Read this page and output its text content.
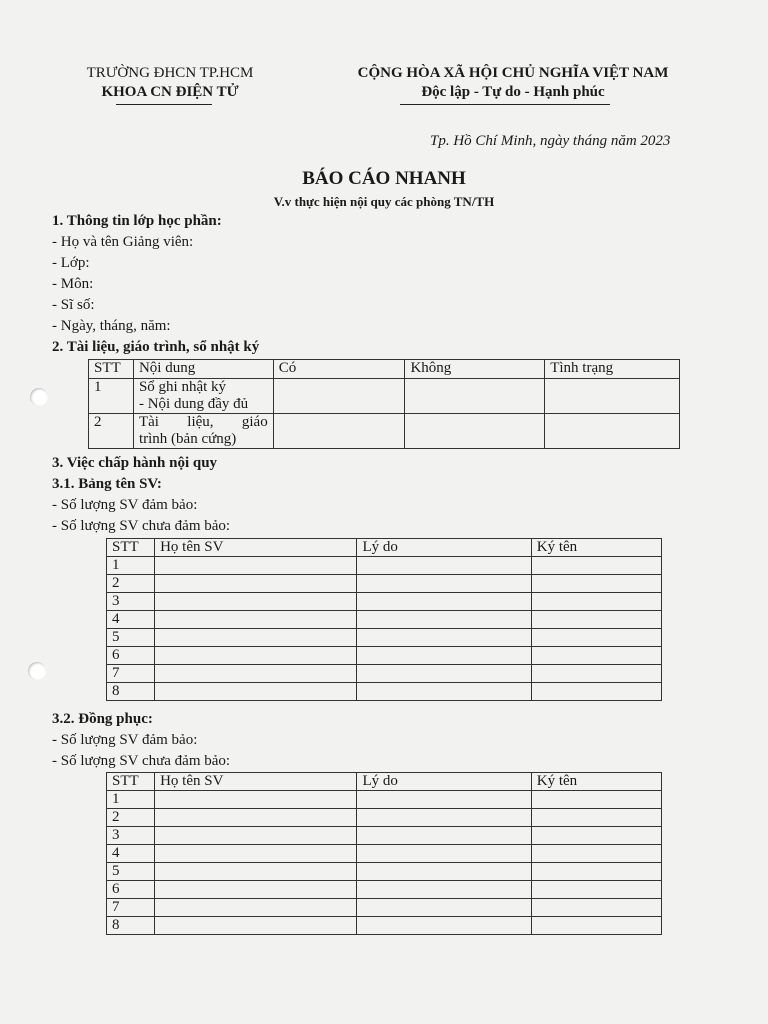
TRƯỜNG ĐHCN TP.HCM
KHOA CN ĐIỆN TỬ
CỘNG HÒA XÃ HỘI CHỦ NGHĨA VIỆT NAM
Độc lập - Tự do - Hạnh phúc
Tp. Hồ Chí Minh, ngày tháng năm 2023
BÁO CÁO NHANH
V.v thực hiện nội quy các phòng TN/TH
1. Thông tin lớp học phần:
- Họ và tên Giảng viên:
- Lớp:
- Môn:
- Sĩ số:
- Ngày, tháng, năm:
2. Tài liệu, giáo trình, sổ nhật ký
STT	Nội dung	Có	Không	Tình trạng
1	Sổ ghi nhật ký
- Nội dung đầy đủ			

2	Tài liệu, giáo
trình (bản cứng)			

3. Việc chấp hành nội quy
3.1. Bảng tên SV:
- Số lượng SV đảm bảo:
- Số lượng SV chưa đảm bảo:
STT	Họ tên SV	Lý do	Ký tên
1			
2			
3			
4			
5			
6			
7			
8			
3.2. Đồng phục:
- Số lượng SV đảm bảo:
- Số lượng SV chưa đảm bảo:
STT	Họ tên SV	Lý do	Ký tên
1			
2			
3			
4			
5			
6			
7			
8			
